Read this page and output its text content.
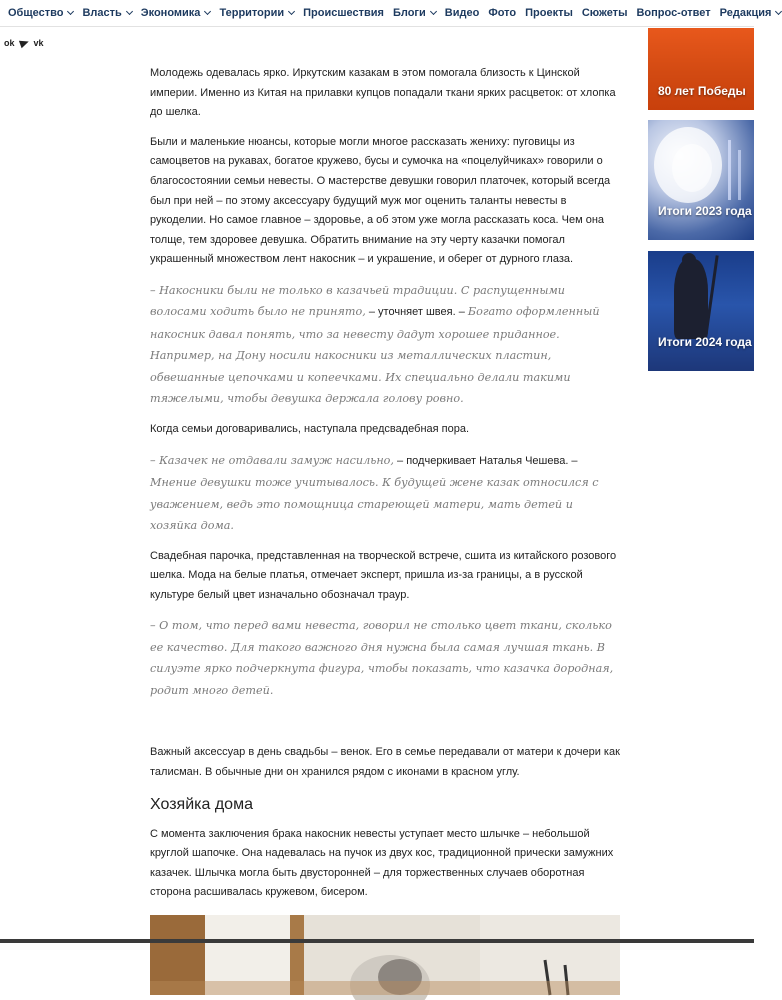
Общество Власть Экономика Территории Происшествия Блоги Видео Фото Проекты Сюжеты Вопрос-ответ Редакция
ok vk

Молодежь одевалась ярко. Иркутским казакам в этом помогала близость к Цинской империи. Именно из Китая на прилавки купцов попадали ткани ярких расцветок: от хлопка до шелка.

Были и маленькие нюансы, которые могли многое рассказать жениху: пуговицы из самоцветов на рукавах, богатое кружево, бусы и сумочка на «поцелуйчиках» говорили о благосостоянии семьи невесты. О мастерстве девушки говорил платочек, который всегда был при ней – по этому аксессуару будущий муж мог оценить таланты невесты в рукоделии. Но самое главное – здоровье, а об этом уже могла рассказать коса. Чем она толще, тем здоровее девушка. Обратить внимание на эту черту казачки помогал украшенный множеством лент накосник – и украшение, и оберег от дурного глаза.

– Накосники были не только в казачьей традиции. С распущенными волосами ходить было не принято, – уточняет швея. – Богато оформленный накосник давал понять, что за невесту дадут хорошее приданное. Например, на Дону носили накосники из металлических пластин, обвешанные цепочками и копеечками. Их специально делали такими тяжелыми, чтобы девушка держала голову ровно.

Когда семьи договаривались, наступала предсвадебная пора.

– Казачек не отдавали замуж насильно, – подчеркивает Наталья Чешева. – Мнение девушки тоже учитывалось. К будущей жене казак относился с уважением, ведь это помощница стареющей матери, мать детей и хозяйка дома.

Свадебная парочка, представленная на творческой встрече, сшита из китайского розового шелка. Мода на белые платья, отмечает эксперт, пришла из-за границы, а в русской культуре белый цвет изначально обозначал траур.

– О том, что перед вами невеста, говорил не столько цвет ткани, сколько ее качество. Для такого важного дня нужна была самая лучшая ткань. В силуэте ярко подчеркнута фигура, чтобы показать, что казачка дородная, родит много детей.

Важный аксессуар в день свадьбы – венок. Его в семье передавали от матери к дочери как талисман. В обычные дни он хранился рядом с иконами в красном углу.

Хозяйка дома

С момента заключения брака накосник невесты уступает место шлычке – небольшой круглой шапочке. Она надевалась на пучок из двух кос, традиционной прически замужних казачек. Шлычка могла быть двусторонней – для торжественных случаев оборотная сторона расшивалась кружевом, бисером.

80 лет Победы
Итоги 2023 года
Итоги 2024 года
